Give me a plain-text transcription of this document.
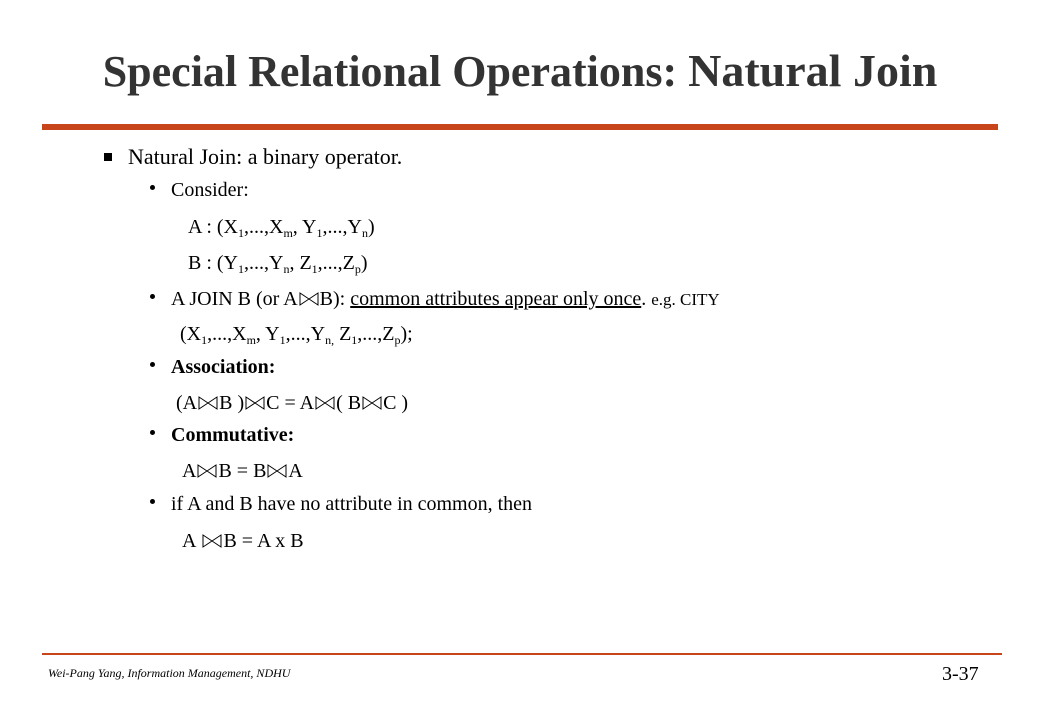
Special Relational Operations: Natural Join
Natural Join: a binary operator.
Consider:
A : ($X_1,...,X_m$, $Y_1,...,Y_n$)
B : ($Y_1,...,Y_n$, $Z_1,...,Z_p$)
A JOIN B (or A B): common attributes appear only once. e.g. CITY
($X_1,...,X_m$, $Y_1,...,Y_{n,}$ $Z_1,...,Z_p$);
Association:
(A B ) C = A ( B C )
Commutative:
A B = B A
if A and B have no attribute in common, then
A B = A x B
Wei-Pang Yang, Information Management, NDHU	3-37
